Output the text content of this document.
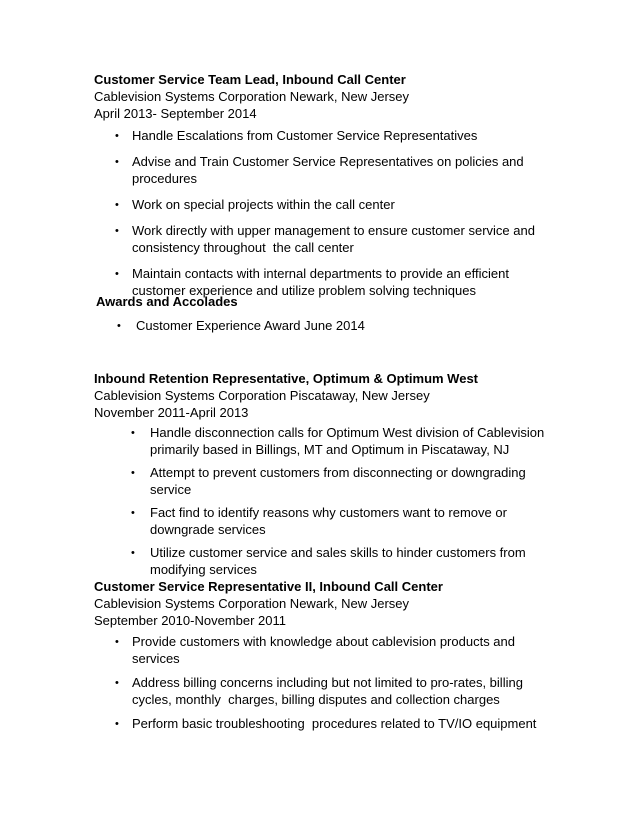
Customer Service Team Lead, Inbound Call Center
Cablevision Systems Corporation Newark, New Jersey
April 2013- September 2014
• Handle Escalations from Customer Service Representatives
• Advise and Train Customer Service Representatives on policies and
procedures
• Work on special projects within the call center
• Work directly with upper management to ensure customer service and
consistency throughout  the call center
• Maintain contacts with internal departments to provide an efficient
customer experience and utilize problem solving techniques
Awards and Accolades
• Customer Experience Award June 2014
Inbound Retention Representative, Optimum & Optimum West
Cablevision Systems Corporation Piscataway, New Jersey
November 2011-April 2013
• Handle disconnection calls for Optimum West division of Cablevision
primarily based in Billings, MT and Optimum in Piscataway, NJ
• Attempt to prevent customers from disconnecting or downgrading
service
• Fact find to identify reasons why customers want to remove or
downgrade services
• Utilize customer service and sales skills to hinder customers from
modifying services
Customer Service Representative II, Inbound Call Center
Cablevision Systems Corporation Newark, New Jersey
September 2010-November 2011
• Provide customers with knowledge about cablevision products and
services
• Address billing concerns including but not limited to pro-rates, billing
cycles, monthly  charges, billing disputes and collection charges
• Perform basic troubleshooting  procedures related to TV/IO equipment
